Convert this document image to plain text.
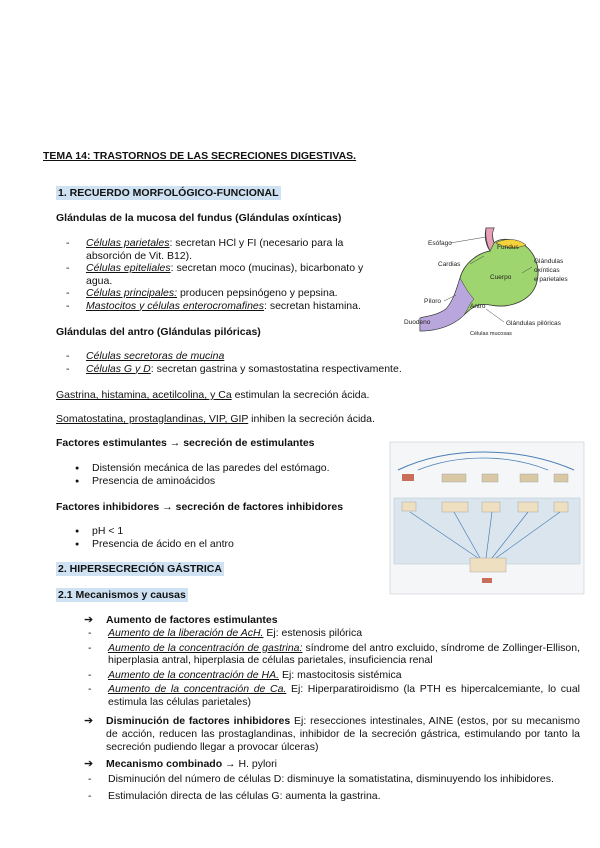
TEMA 14: TRASTORNOS DE LAS SECRECIONES DIGESTIVAS.
1. RECUERDO MORFOLÓGICO-FUNCIONAL
Glándulas de la mucosa del fundus (Glándulas oxínticas)
- Células parietales: secretan HCl y FI (necesario para la absorción de Vit. B12).
- Células epiteliales: secretan moco (mucinas), bicarbonato y agua.
- Células principales: producen pepsinógeno y pepsina.
- Mastocitos y células enterocromafines: secretan histamina.
Glándulas del antro (Glándulas pilóricas)
- Células secretoras de mucina
- Células G y D: secretan gastrina y somastostatina respectivamente.
Gastrina, histamina, acetilcolina, y Ca estimulan la secreción ácida.
Somatostatina, prostaglandinas, VIP, GIP inhiben la secreción ácida.
Factores estimulantes → secreción de estimulantes
● Distensión mecánica de las paredes del estómago.
● Presencia de aminoácidos
Factores inhibidores → secreción de factores inhibidores
● pH < 1
● Presencia de ácido en el antro
Esófago
Fundus
Cardias
Cuerpo
Glándulas
oxínticas
e parietales
Píloro
Antro
Duodeno	Glándulas pilóricas
Células mucosas
2. HIPERSECRECIÓN GÁSTRICA
2.1 Mecanismos y causas
➔ Aumento de factores estimulantes
- Aumento de la liberación de AcH. Ej: estenosis pilórica
- Aumento de la concentración de gastrina: síndrome del antro excluido, síndrome de Zollinger-Ellison, hiperplasia antral, hiperplasia de células parietales, insuficiencia renal
- Aumento de la concentración de HA. Ej: mastocitosis sistémica
- Aumento de la concentración de Ca. Ej: Hiperparatiroidismo (la PTH es hipercalcemiante, lo cual estimula las células parietales)
➔ Disminución de factores inhibidores Ej: resecciones intestinales, AINE (estos, por su mecanismo de acción, reducen las prostaglandinas, inhibidor de la secreción gástrica, estimulando por tanto la secreción pudiendo llegar a provocar úlceras)
➔ Mecanismo combinado → H. pylori
- Disminución del número de células D: disminuye la somatistatina, disminuyendo los inhibidores.
- Estimulación directa de las células G: aumenta la gastrina.
